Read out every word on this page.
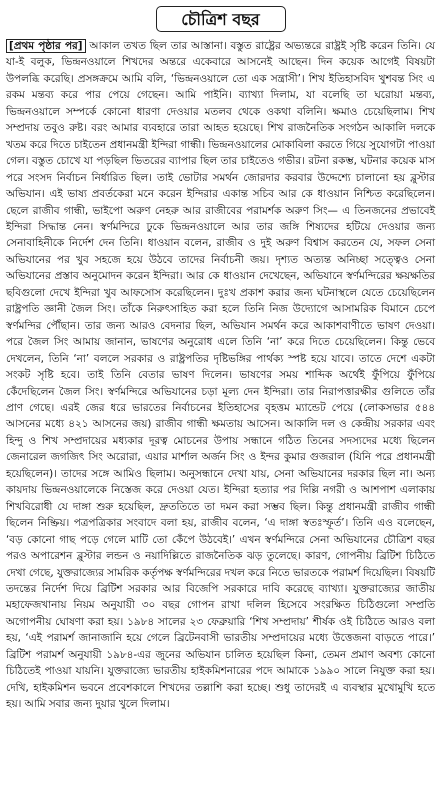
চৌত্রিশ বছর
[প্রথম পৃষ্ঠার পর] আকাল তখত ছিল তার আস্তানা। বস্তুত রাষ্ট্রের অভ্যন্তরে রাষ্ট্রই সৃষ্টি করেন তিনি। যে যা-ই বলুক, ভিন্দ্রনওয়ালে শিখদের অন্তরে একেবারে আসনেই আছেন। দিন কয়েক আগেই বিষয়টা উপলব্ধি করেছি। প্রসঙ্গক্রমে আমি বলি, ‘ভিন্দ্রনওয়ালে তো এক সন্ত্রাসী’। শিখ ইতিহাসবিদ খুশবন্ত সিং এ রকম মন্তব্য করে পার পেয়ে গেছেন। আমি পাইনি। ব্যাখ্যা দিলাম, যা বলেছি তা ঘরোয়া মন্তব্য, ভিন্দ্রনওয়ালে সম্পর্কে কোনো ধারণা দেওয়ার মতলব থেকে ওকথা বলিনি। ক্ষমাও চেয়েছিলাম। শিখ সম্প্রদায় তবুও রুষ্ট। বরং আমার ব্যবহারে তারা আহত হয়েছে। শিখ রাজনৈতিক সংগঠন আকালি দলকে খতম করে দিতে চাইতেন প্রধানমন্ত্রী ইন্দিরা গান্ধী। ভিন্দ্রনওয়ালের মোকাবিলা করতে গিয়ে সুযোগটা পাওয়া গেল। বস্তুত চোখে যা পড়ছিল ভিতরের ব্যাপার ছিল তার চাইতেও গভীর। রটনা রকম্ভ, ঘটনার কয়েক মাস পরে সংসদ নির্বাচন নির্ধারিত ছিল। তাই ভোটার সমর্থন জোরদার করবার উদ্দেশ্যে চালানো হয় ব্লুস্টার অভিযান। এই ভাষ্য প্রবর্তকেরা মনে করেন ইন্দিরার একান্ত সচিব আর কে ধাওয়ান নিশ্চিত করেছিলেন। ছেলে রাজীব গান্ধী, ভাইপো অরুণ নেহরু আর রাজীবের পরামর্শক অরুণ সিং— এ তিনজনের প্রভাবেই ইন্দিরা সিদ্ধান্ত নেন। স্বর্ণমন্দিরে ঢুকে ভিন্দ্রনওয়ালে আর তার জঙ্গি শিষ্যদের হটিয়ে দেওয়ার জন্য সেনাবাহিনীকে নির্দেশ দেন তিনি। ধাওয়ান বলেন, রাজীব ও দুই অরুণ বিশ্বাস করতেন যে, সফল সেনা অভিযানের পর খুব সহজে হয়ে উঠবে তাদের নির্বাচনী জয়। দৃশ্যত অত্যন্ত অনিচ্ছা সত্ত্বেও সেনা অভিযানের প্রস্তাব অনুমোদন করেন ইন্দিরা। আর কে ধাওয়ান দেখেছেন, অভিযানে স্বর্ণমন্দিরের ক্ষয়ক্ষতির ছবিগুলো দেখে ইন্দিরা খুব আফসোস করেছিলেন। দুঃখ প্রকাশ করার জন্য ঘটনাস্থলে যেতে চেয়েছিলেন রাষ্ট্রপতি জ্ঞানী জৈল সিং। তাঁকে নিরুৎসাহিত করা হলে তিনি নিজ উদ্যোগে আসামরিক বিমানে চেপে স্বর্ণমন্দির পৌঁছান। তার জন্য আরও বেদনার ছিল, অভিযান সমর্থন করে আকাশবাণীতে ভাষণ দেওয়া। পরে জৈল সিং আমায় জানান, ভাষণের অনুরোধ এলে তিনি ‘না’ করে দিতে চেয়েছিলেন। কিন্তু ভেবে দেখলেন, তিনি ‘না’ বললে সরকার ও রাষ্ট্রপতির দৃষ্টিভঙ্গির পার্থক্য স্পষ্ট হয়ে যাবে। তাতে দেশে একটা সংকট সৃষ্টি হবে। তাই তিনি বেতার ভাষণ দিলেন। ভাষণের সময় শাব্দিক অর্থেই ফুঁপিয়ে ফুঁপিয়ে কেঁদেছিলেন জৈল সিং। স্বর্ণমন্দিরে অভিযানের চড়া মূল্য দেন ইন্দিরা। তার নিরাপত্তারক্ষীর গুলিতে তাঁর প্রাণ গেছে। এরই জের ধরে ভারতের নির্বাচনের ইতিহাসের বৃহত্তম ম্যান্ডেট পেয়ে (লোকসভার ৫৪৪ আসনের মধ্যে ৪২১ আসনের জয়) রাজীব গান্ধী ক্ষমতায় আসেন। আকালি দল ও কেন্দ্রীয় সরকার এবং হিন্দু ও শিখ সম্প্রদায়ের মধ্যকার দূরত্ব মোচনের উপায় সন্ধানে গঠিত তিনের সদস্যদের মধ্যে ছিলেন জেনারেল জগজিৎ সিং অরোরা, এয়ার মার্শাল অর্জন সিং ও ইন্দর কুমার গুজরাল (যিনি পরে প্রধানমন্ত্রী হয়েছিলেন)। তাদের সঙ্গে আমিও ছিলাম। অনুসন্ধানে দেখা যায়, সেনা অভিযানের দরকার ছিল না। অন্য কায়দায় ভিন্দ্রনওয়ালেকে নিস্তেজ করে দেওয়া যেত। ইন্দিরা হত্যার পর দিল্লি নগরী ও আশপাশ এলাকায় শিখবিরোধী যে দাঙ্গা শুরু হয়েছিল, দ্রুততিতে তা দমন করা সম্ভব ছিল। কিন্তু প্রধানমন্ত্রী রাজীব গান্ধী ছিলেন নিষ্ক্রিয়। পত্রপত্রিকার সংবাদে বলা হয়, রাজীব বলেন, ‘এ দাঙ্গা স্বতঃস্ফূর্ত’। তিনি এও বলেছেন, ‘বড় কোনো গাছ পড়ে গেলে মাটি তো কেঁপে উঠবেই।’ এখন স্বর্ণমন্দিরে সেনা অভিযানের চৌত্রিশ বছর পরও অপারেশন ব্লুস্টার লন্ডন ও নয়াদিল্লিতে রাজনৈতিক ঝড় তুলেছে। কারণ, গোপনীয় ব্রিটিশ চিঠিতে দেখা গেছে, যুক্তরাজ্যের সামরিক কর্তৃপক্ষ স্বর্ণমন্দিরের দখল করে নিতে ভারতকে পরামর্শ দিয়েছিল। বিষয়টি তদন্তের নির্দেশ দিয়ে ব্রিটিশ সরকার আর বিজেপি সরকারে দাবি করেছে ব্যাখ্যা। যুক্তরাজ্যের জাতীয় মহাফেজখানায় নিয়ম অনুযায়ী ৩০ বছর গোপন রাখা দলিল হিসেবে সংরক্ষিত চিঠিগুলো সম্প্রতি অগোপনীয় ঘোষণা করা হয়। ১৯৮৪ সালের ২৩ ফেব্রুয়ারি ‘শিখ সম্প্রদায়’ শীর্ষক ওই চিঠিতে আরও বলা হয়, ‘এই পরামর্শ জানাজানি হয়ে গেলে ব্রিটেনবাসী ভারতীয় সম্প্রদায়ের মধ্যে উত্তেজনা বাড়তে পারে।’ ব্রিটিশ পরামর্শ অনুযায়ী ১৯৮৪-এর জুনের অভিযান চালিত হয়েছিল কিনা, তেমন প্রমাণ অবশ্য কোনো চিঠিতেই পাওয়া যায়নি। যুক্তরাজ্যে ভারতীয় হাইকমিশনারের পদে আমাকে ১৯৯০ সালে নিযুক্ত করা হয়। দেখি, হাইকমিশন ভবনে প্রবেশকালে শিখদের তল্লাশি করা হচ্ছে। শুধু তাদেরই এ ব্যবস্থার মুখোমুখি হতে হয়। আমি সবার জন্য দুয়ার খুলে দিলাম।
